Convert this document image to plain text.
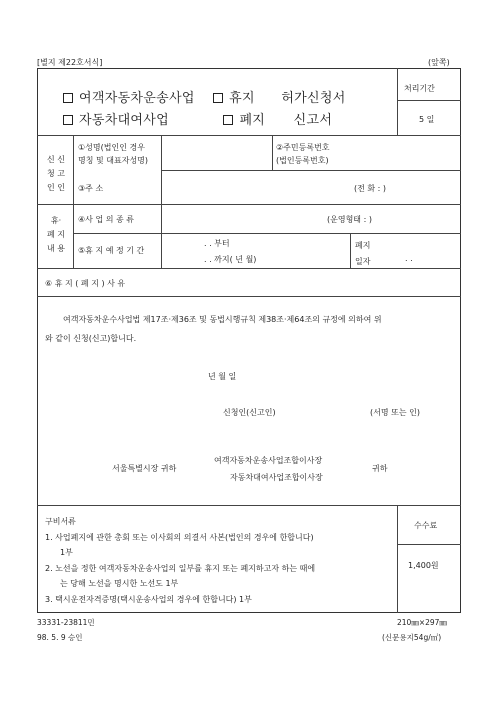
[별지 제22호서식]	(앞쪽)
여객자동차운송사업	휴지 허가신청서
자동차대여사업	폐지 신고서
처리기간
5 일
신 신
청 고
인 인
①성명(법인인 경우
명칭 및 대표자성명)
②주민등록번호
(법인등록번호)
③주 소	(전 화 : )
휴·
폐 지
내 용
④사 업 의 종 류	(운영형태 : )
⑤휴 지 예 정 기 간
. . 부터
. . 까지( 년 월)
폐지
일자	. .
⑥ 휴 지 ( 폐 지 ) 사 유
여객자동차운수사업법 제17조·제36조 및 동법시행규칙 제38조·제64조의 규정에 의하여 위
와 같이 신청(신고)합니다.
년 월 일
신청인(신고인)	(서명 또는 인)
서울특별시장 귀하
여객자동차운송사업조합이사장
자동차대여사업조합이사장
귀하
구비서류
1. 사업폐지에 관한 총회 또는 이사회의 의결서 사본(법인의 경우에 한합니다)
1부
2. 노선을 정한 여객자동차운송사업의 일부를 휴지 또는 폐지하고자 하는 때에
는 당해 노선을 명시한 노선도 1부
3. 택시운전자격증명(택시운송사업의 경우에 한합니다) 1부
수수료
1,400원
33331-23811민	210㎜×297㎜
98. 5. 9 승인	(신문용지54g/㎡)
